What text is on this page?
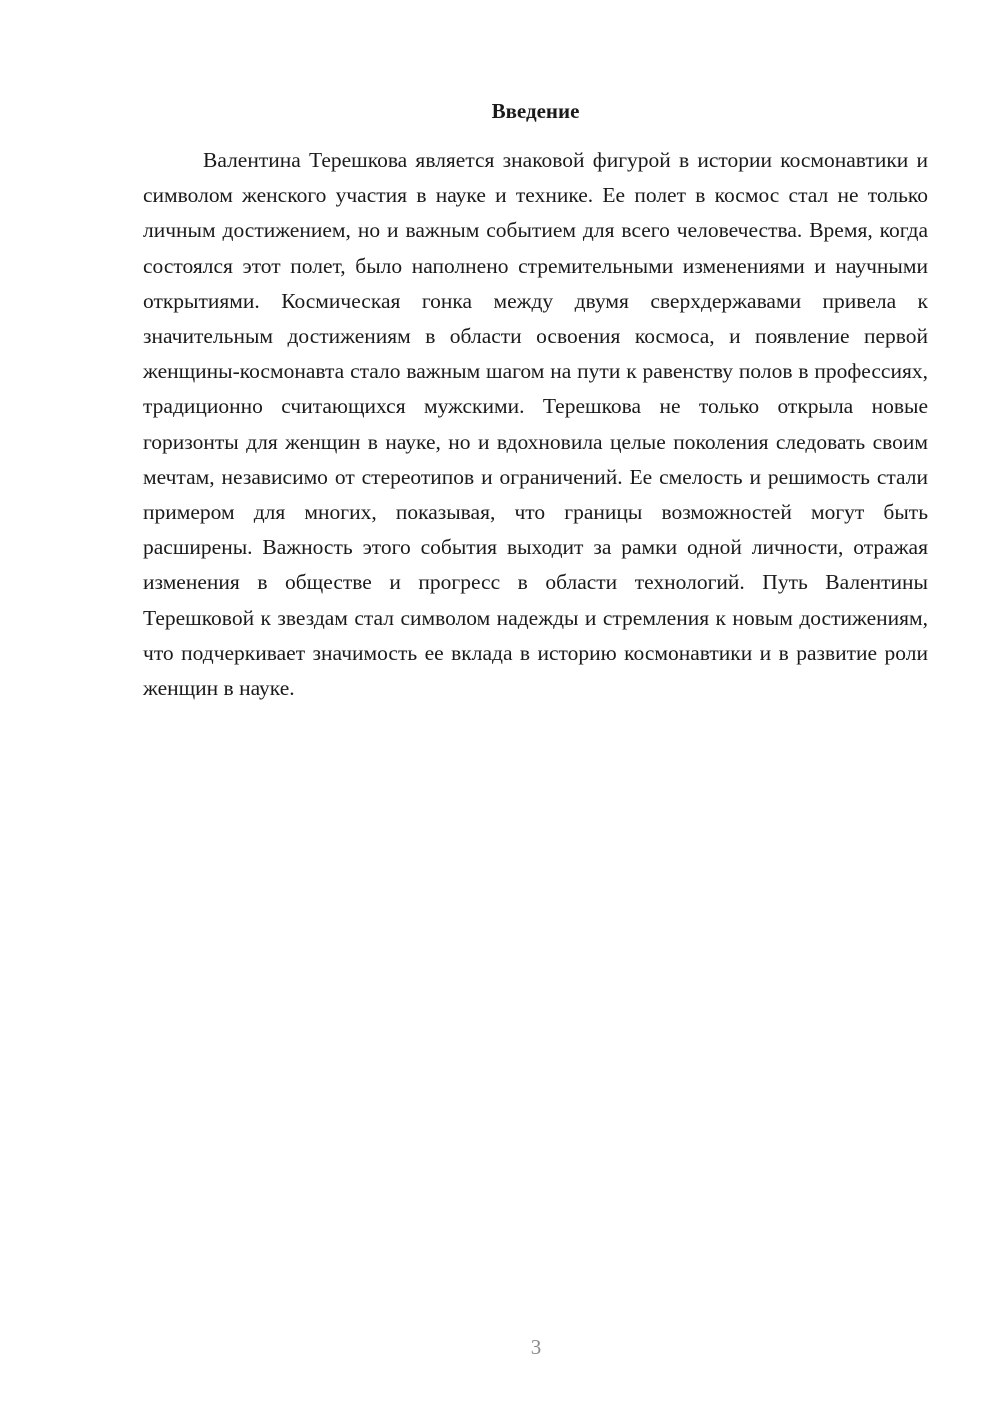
Введение

Валентина Терешкова является знаковой фигурой в истории космонавтики и символом женского участия в науке и технике. Ее полет в космос стал не только личным достижением, но и важным событием для всего человечества. Время, когда состоялся этот полет, было наполнено стремительными изменениями и научными открытиями. Космическая гонка между двумя сверхдержавами привела к значительным достижениям в области освоения космоса, и появление первой женщины-космонавта стало важным шагом на пути к равенству полов в профессиях, традиционно считающихся мужскими. Терешкова не только открыла новые горизонты для женщин в науке, но и вдохновила целые поколения следовать своим мечтам, независимо от стереотипов и ограничений. Ее смелость и решимость стали примером для многих, показывая, что границы возможностей могут быть расширены. Важность этого события выходит за рамки одной личности, отражая изменения в обществе и прогресс в области технологий. Путь Валентины Терешковой к звездам стал символом надежды и стремления к новым достижениям, что подчеркивает значимость ее вклада в историю космонавтики и в развитие роли женщин в науке.

3
